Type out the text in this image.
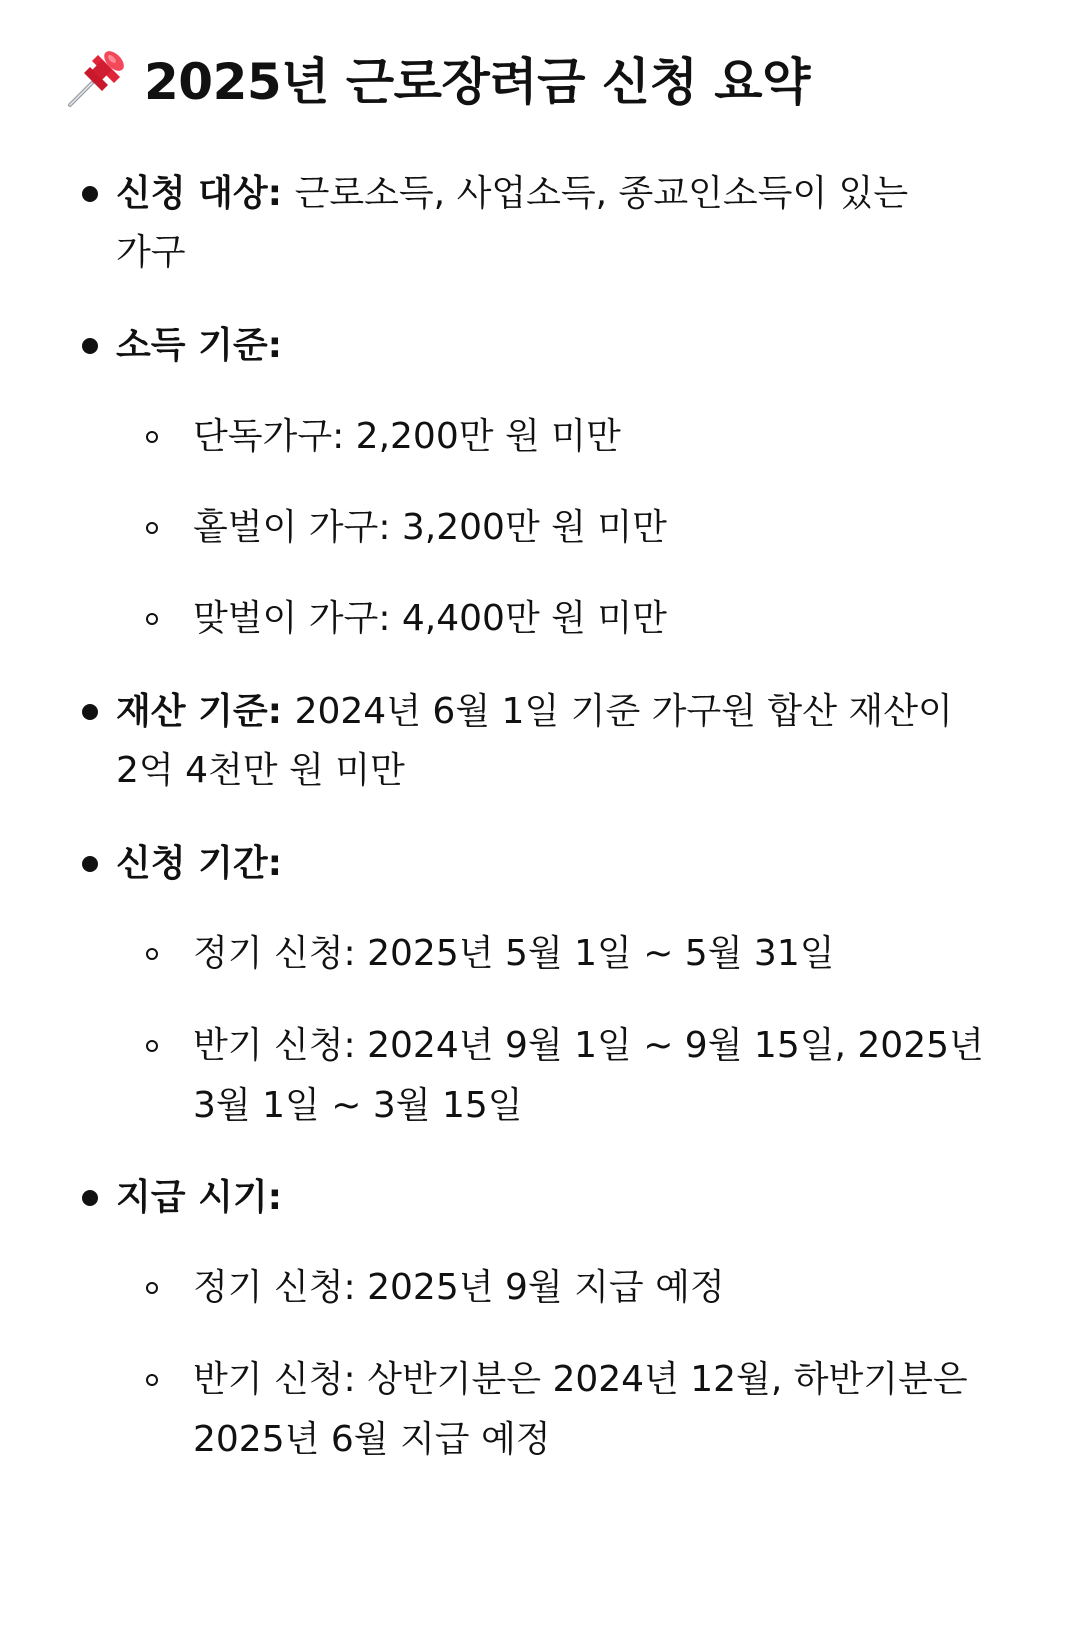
2025년 근로장려금 신청 요약
신청 대상: 근로소득, 사업소득, 종교인소득이 있는
가구
소득 기준:
단독가구: 2,200만 원 미만
홑벌이 가구: 3,200만 원 미만
맞벌이 가구: 4,400만 원 미만
재산 기준: 2024년 6월 1일 기준 가구원 합산 재산이
2억 4천만 원 미만
신청 기간:
정기 신청: 2025년 5월 1일 ~ 5월 31일
반기 신청: 2024년 9월 1일 ~ 9월 15일, 2025년
3월 1일 ~ 3월 15일
지급 시기:
정기 신청: 2025년 9월 지급 예정
반기 신청: 상반기분은 2024년 12월, 하반기분은
2025년 6월 지급 예정
